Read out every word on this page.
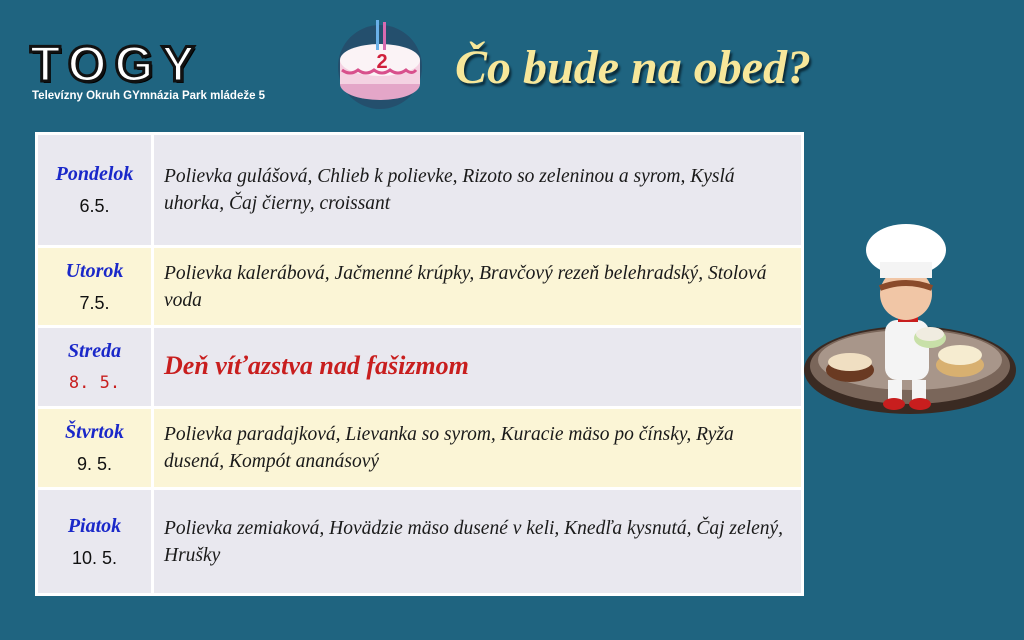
TOGY
Televízny Okruh GYmnázia Park mládeže 5
2 Čo bude na obed?
Pondelok
6.5.	Polievka gulášová, Chlieb k polievke, Rizoto so zeleninou a syrom, Kyslá uhorka, Čaj čierny, croissant

Utorok
7.5.	Polievka kalerábová, Jačmenné krúpky, Bravčový rezeň belehradský, Stolová voda

Streda
8. 5.	Deň víťazstva nad fašizmom

Štvrtok
9. 5.	Polievka paradajková, Lievanka so syrom, Kuracie mäso po čínsky, Ryža dusená, Kompót ananásový

Piatok
10. 5.	Polievka zemiaková, Hovädzie mäso dusené v keli, Knedľa kysnutá, Čaj zelený, Hrušky
